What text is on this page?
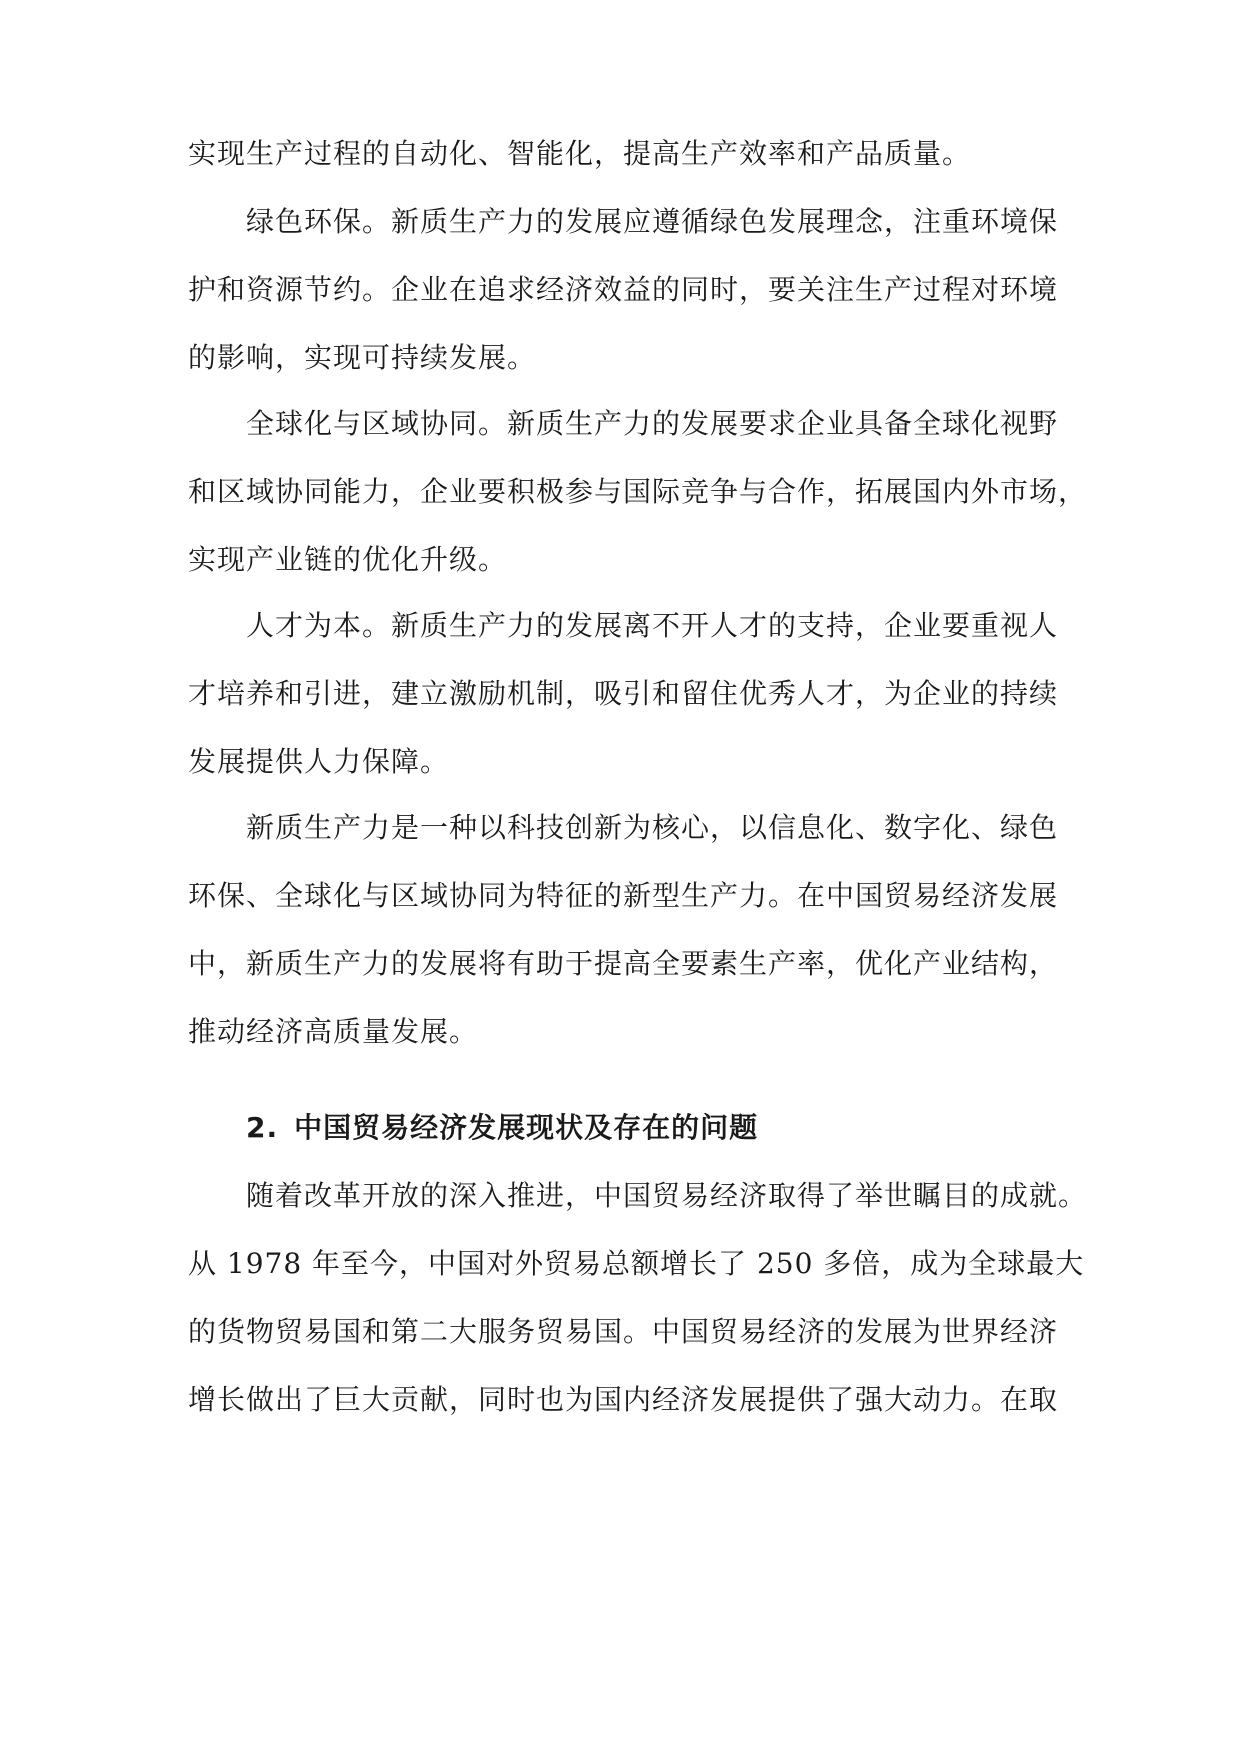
实现生产过程的自动化、智能化，提高生产效率和产品质量。
绿色环保。新质生产力的发展应遵循绿色发展理念，注重环境保
护和资源节约。企业在追求经济效益的同时，要关注生产过程对环境
的影响，实现可持续发展。
全球化与区域协同。新质生产力的发展要求企业具备全球化视野
和区域协同能力，企业要积极参与国际竞争与合作，拓展国内外市场，
实现产业链的优化升级。
人才为本。新质生产力的发展离不开人才的支持，企业要重视人
才培养和引进，建立激励机制，吸引和留住优秀人才，为企业的持续
发展提供人力保障。
新质生产力是一种以科技创新为核心，以信息化、数字化、绿色
环保、全球化与区域协同为特征的新型生产力。在中国贸易经济发展
中，新质生产力的发展将有助于提高全要素生产率，优化产业结构，
推动经济高质量发展。
2. 中国贸易经济发展现状及存在的问题
随着改革开放的深入推进，中国贸易经济取得了举世瞩目的成就。
从 1978 年至今，中国对外贸易总额增长了 250 多倍，成为全球最大
的货物贸易国和第二大服务贸易国。中国贸易经济的发展为世界经济
增长做出了巨大贡献，同时也为国内经济发展提供了强大动力。在取
